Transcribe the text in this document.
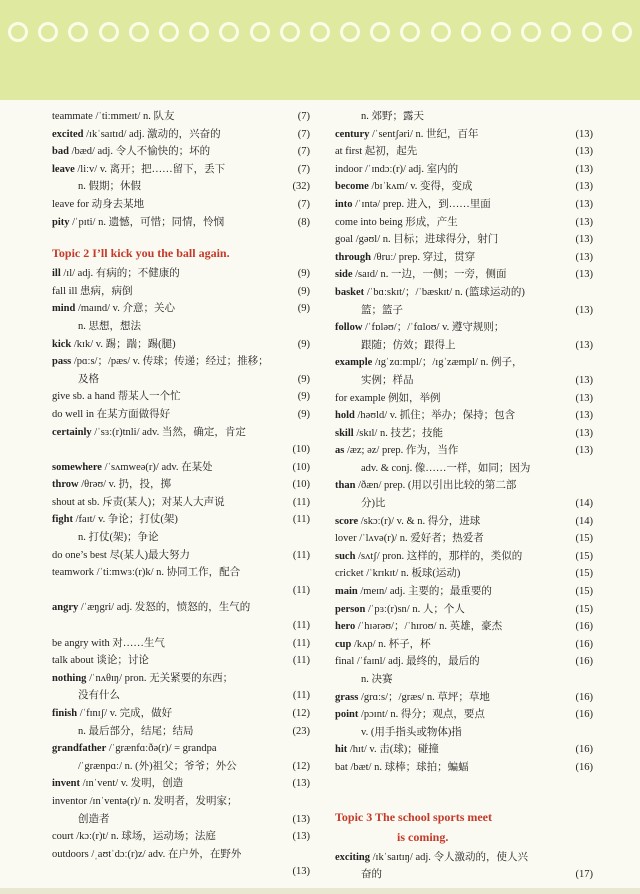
teammate /ˈtiːmmeɪt/ n. 队友	(7)
excited /ɪkˈsaɪtɪd/ adj. 激动的，兴奋的	(7)
bad /bæd/ adj. 令人不愉快的；坏的	(7)
leave /liːv/ v. 离开；把……留下，丢下	(7)
n. 假期；休假	(32)
leave for 动身去某地	(7)
pity /ˈpɪti/ n. 遗憾，可惜；同情，怜悯	(8)
Topic 2 I’ll kick you the ball again.
ill /ɪl/ adj. 有病的；不健康的	(9)
fall ill 患病，病倒	(9)
mind /maɪnd/ v. 介意；关心	(9)
n. 思想，想法
kick /kɪk/ v. 踢；踹；踢(腿)	(9)
pass /pɑːs/；/pæs/ v. 传球；传递；经过；推移；
及格	(9)
give sb. a hand 帮某人一个忙	(9)
do well in 在某方面做得好	(9)
certainly /ˈsɜː(r)tnli/ adv. 当然，确定，肯定
(10)
somewhere /ˈsʌmweə(r)/ adv. 在某处	(10)
throw /θrəʊ/ v. 扔，投，掷	(10)
shout at sb. 斥责(某人)；对某人大声说	(11)
fight /faɪt/ v. 争论；打仗(架)	(11)
n. 打仗(架)；争论
do one’s best 尽(某人)最大努力	(11)
teamwork /ˈtiːmwɜː(r)k/ n. 协同工作，配合
(11)
angry /ˈæŋgri/ adj. 发怒的，愤怒的，生气的
(11)
be angry with 对……生气	(11)
talk about 谈论；讨论	(11)
nothing /ˈnʌθɪŋ/ pron. 无关紧要的东西；
没有什么	(11)
finish /ˈfɪnɪʃ/ v. 完成，做好	(12)
n. 最后部分，结尾；结局	(23)
grandfather /ˈgrænfɑːðə(r)/ = grandpa
/ˈgrænpɑː/ n. (外)祖父；爷爷；外公	(12)
invent /ɪnˈvent/ v. 发明，创造	(13)
inventor /ɪnˈventə(r)/ n. 发明者，发明家；
创造者	(13)
court /kɔː(r)t/ n. 球场，运动场；法庭	(13)
outdoors /ˌaʊtˈdɔː(r)z/ adv. 在户外，在野外
(13)
n. 郊野；露天
century /ˈsentʃəri/ n. 世纪，百年	(13)
at first 起初，起先	(13)
indoor /ˈɪndɔː(r)/ adj. 室内的	(13)
become /bɪˈkʌm/ v. 变得，变成	(13)
into /ˈɪntə/ prep. 进入，到……里面	(13)
come into being 形成，产生	(13)
goal /gəʊl/ n. 目标；进球得分，射门	(13)
through /θruː/ prep. 穿过，贯穿	(13)
side /saɪd/ n. 一边，一侧；一旁，侧面	(13)
basket /ˈbɑːskɪt/；/ˈbæskɪt/ n. (篮球运动的)
篮；篮子	(13)
follow /ˈfɒləʊ/；/ˈfɑloʊ/ v. 遵守规则；
跟随；仿效；跟得上	(13)
example /ɪgˈzɑːmpl/；/ɪgˈzæmpl/ n. 例子，
实例；样品	(13)
for example 例如，举例	(13)
hold /həʊld/ v. 抓住；举办；保持；包含	(13)
skill /skɪl/ n. 技艺；技能	(13)
as /æz; əz/ prep. 作为，当作	(13)
adv. & conj. 像……一样，如同；因为
than /ðæn/ prep. (用以引出比较的第二部
分)比	(14)
score /skɔː(r)/ v. & n. 得分，进球	(14)
lover /ˈlʌvə(r)/ n. 爱好者；热爱者	(15)
such /sʌtʃ/ pron. 这样的，那样的，类似的	(15)
cricket /ˈkrɪkɪt/ n. 板球(运动)	(15)
main /meɪn/ adj. 主要的；最重要的	(15)
person /ˈpɜː(r)sn/ n. 人；个人	(15)
hero /ˈhɪərəʊ/；/ˈhɪroʊ/ n. 英雄，豪杰	(16)
cup /kʌp/ n. 杯子，杯	(16)
final /ˈfaɪnl/ adj. 最终的，最后的	(16)
n. 决赛
grass /grɑːs/；/græs/ n. 草坪；草地	(16)
point /pɔɪnt/ n. 得分；观点，要点	(16)
v. (用手指头或物体)指
hit /hɪt/ v. 击(球)；碰撞	(16)
bat /bæt/ n. 球棒；球拍；蝙蝠	(16)
Topic 3 The school sports meet
is coming.
exciting /ɪkˈsaɪtɪŋ/ adj. 令人激动的，使人兴
奋的	(17)
